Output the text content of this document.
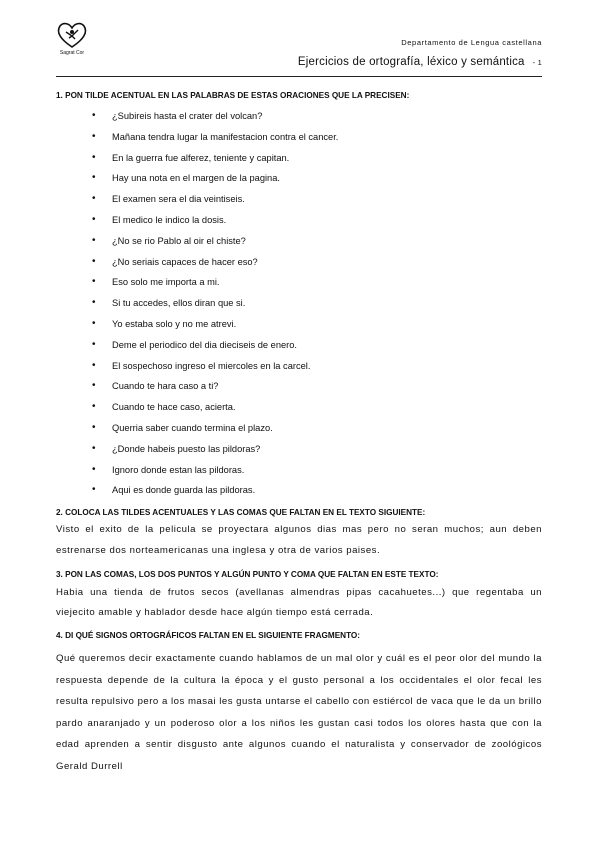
Sagrat Cor
Departamento de Lengua castellana
Ejercicios de ortografía, léxico y semántica - 1

1. PON TILDE ACENTUAL EN LAS PALABRAS DE ESTAS ORACIONES QUE LA PRECISEN:

• ¿Subireis hasta el crater del volcan?
• Mañana tendra lugar la manifestacion contra el cancer.
• En la guerra fue alferez, teniente y capitan.
• Hay una nota en el margen de la pagina.
• El examen sera el dia veintiseis.
• El medico le indico la dosis.
• ¿No se rio Pablo al oir el chiste?
• ¿No seriais capaces de hacer eso?
• Eso solo me importa a mi.
• Si tu accedes, ellos diran que si.
• Yo estaba solo y no me atrevi.
• Deme el periodico del dia dieciseis de enero.
• El sospechoso ingreso el miercoles en la carcel.
• Cuando te hara caso a ti?
• Cuando te hace caso, acierta.
• Querria saber cuando termina el plazo.
• ¿Donde habeis puesto las pildoras?
• Ignoro donde estan las pildoras.
• Aqui es donde guarda las pildoras.

2. COLOCA LAS TILDES ACENTUALES Y LAS COMAS QUE FALTAN EN EL TEXTO SIGUIENTE:

Visto el exito de la pelicula se proyectara algunos dias mas pero no seran muchos; aun deben estrenarse dos norteamericanas una inglesa y otra de varios paises.

3. PON LAS COMAS, LOS DOS PUNTOS Y ALGÚN PUNTO Y COMA QUE FALTAN EN ESTE TEXTO:

Habia una tienda de frutos secos (avellanas almendras pipas cacahuetes...) que regentaba un viejecito amable y hablador desde hace algún tiempo está cerrada.

4. DI QUÉ SIGNOS ORTOGRÁFICOS FALTAN EN EL SIGUIENTE FRAGMENTO:

Qué queremos decir exactamente cuando hablamos de un mal olor y cuál es el peor olor del mundo la respuesta depende de la cultura la época y el gusto personal a los occidentales el olor fecal les resulta repulsivo pero a los masai les gusta untarse el cabello con estiércol de vaca que le da un brillo pardo anaranjado y un poderoso olor a los niños les gustan casi todos los olores hasta que con la edad aprenden a sentir disgusto ante algunos cuando el naturalista y conservador de zoológicos Gerald Durrell
